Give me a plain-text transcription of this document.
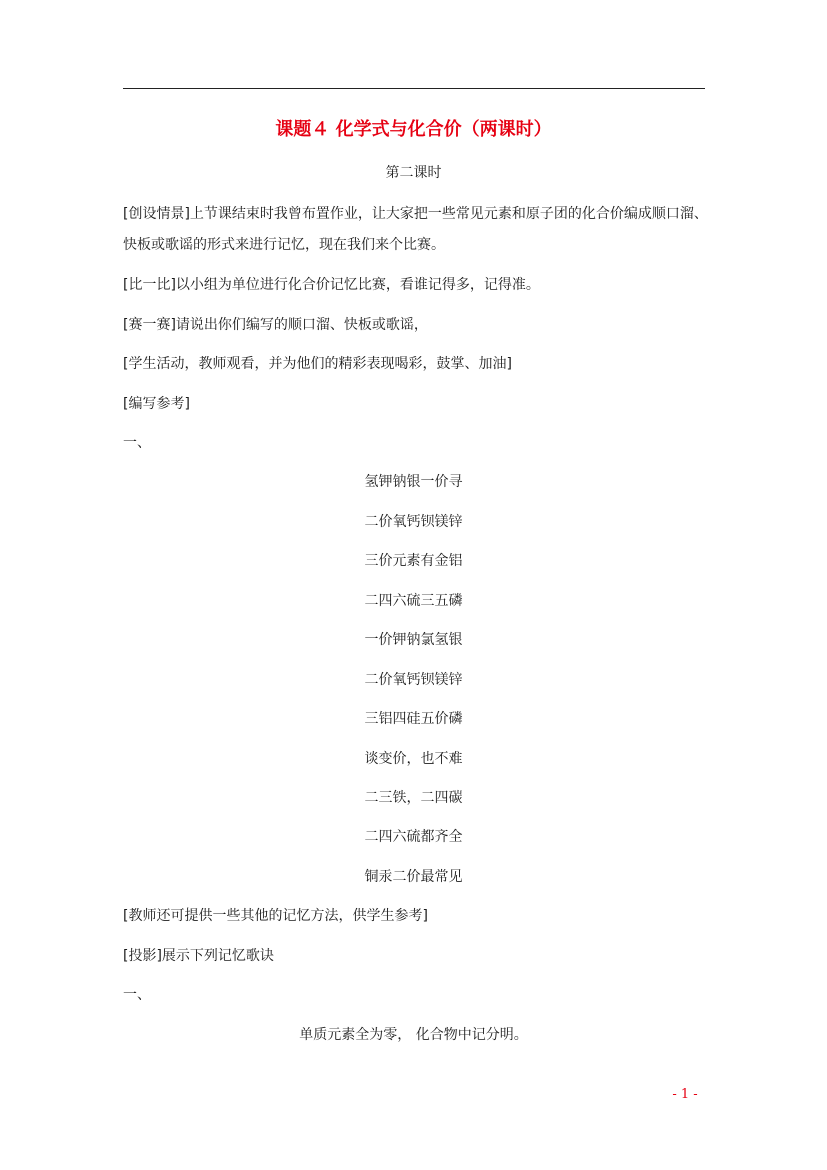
课题４ 化学式与化合价（两课时）
第二课时
[创设情景]上节课结束时我曾布置作业，让大家把一些常见元素和原子团的化合价编成顺口溜、快板或歌谣的形式来进行记忆，现在我们来个比赛。
[比一比]以小组为单位进行化合价记忆比赛，看谁记得多，记得准。
[赛一赛]请说出你们编写的顺口溜、快板或歌谣，
[学生活动，教师观看，并为他们的精彩表现喝彩，鼓掌、加油]
[编写参考]
一、
氢钾钠银一价寻
二价氧钙钡镁锌
三价元素有金铝
二四六硫三五磷
一价钾钠氯氢银
二价氧钙钡镁锌
三铝四硅五价磷
谈变价，也不难
二三铁，二四碳
二四六硫都齐全
铜汞二价最常见
[教师还可提供一些其他的记忆方法，供学生参考]
[投影]展示下列记忆歌诀
一、
单质元素全为零， 化合物中记分明。
- 1 -
